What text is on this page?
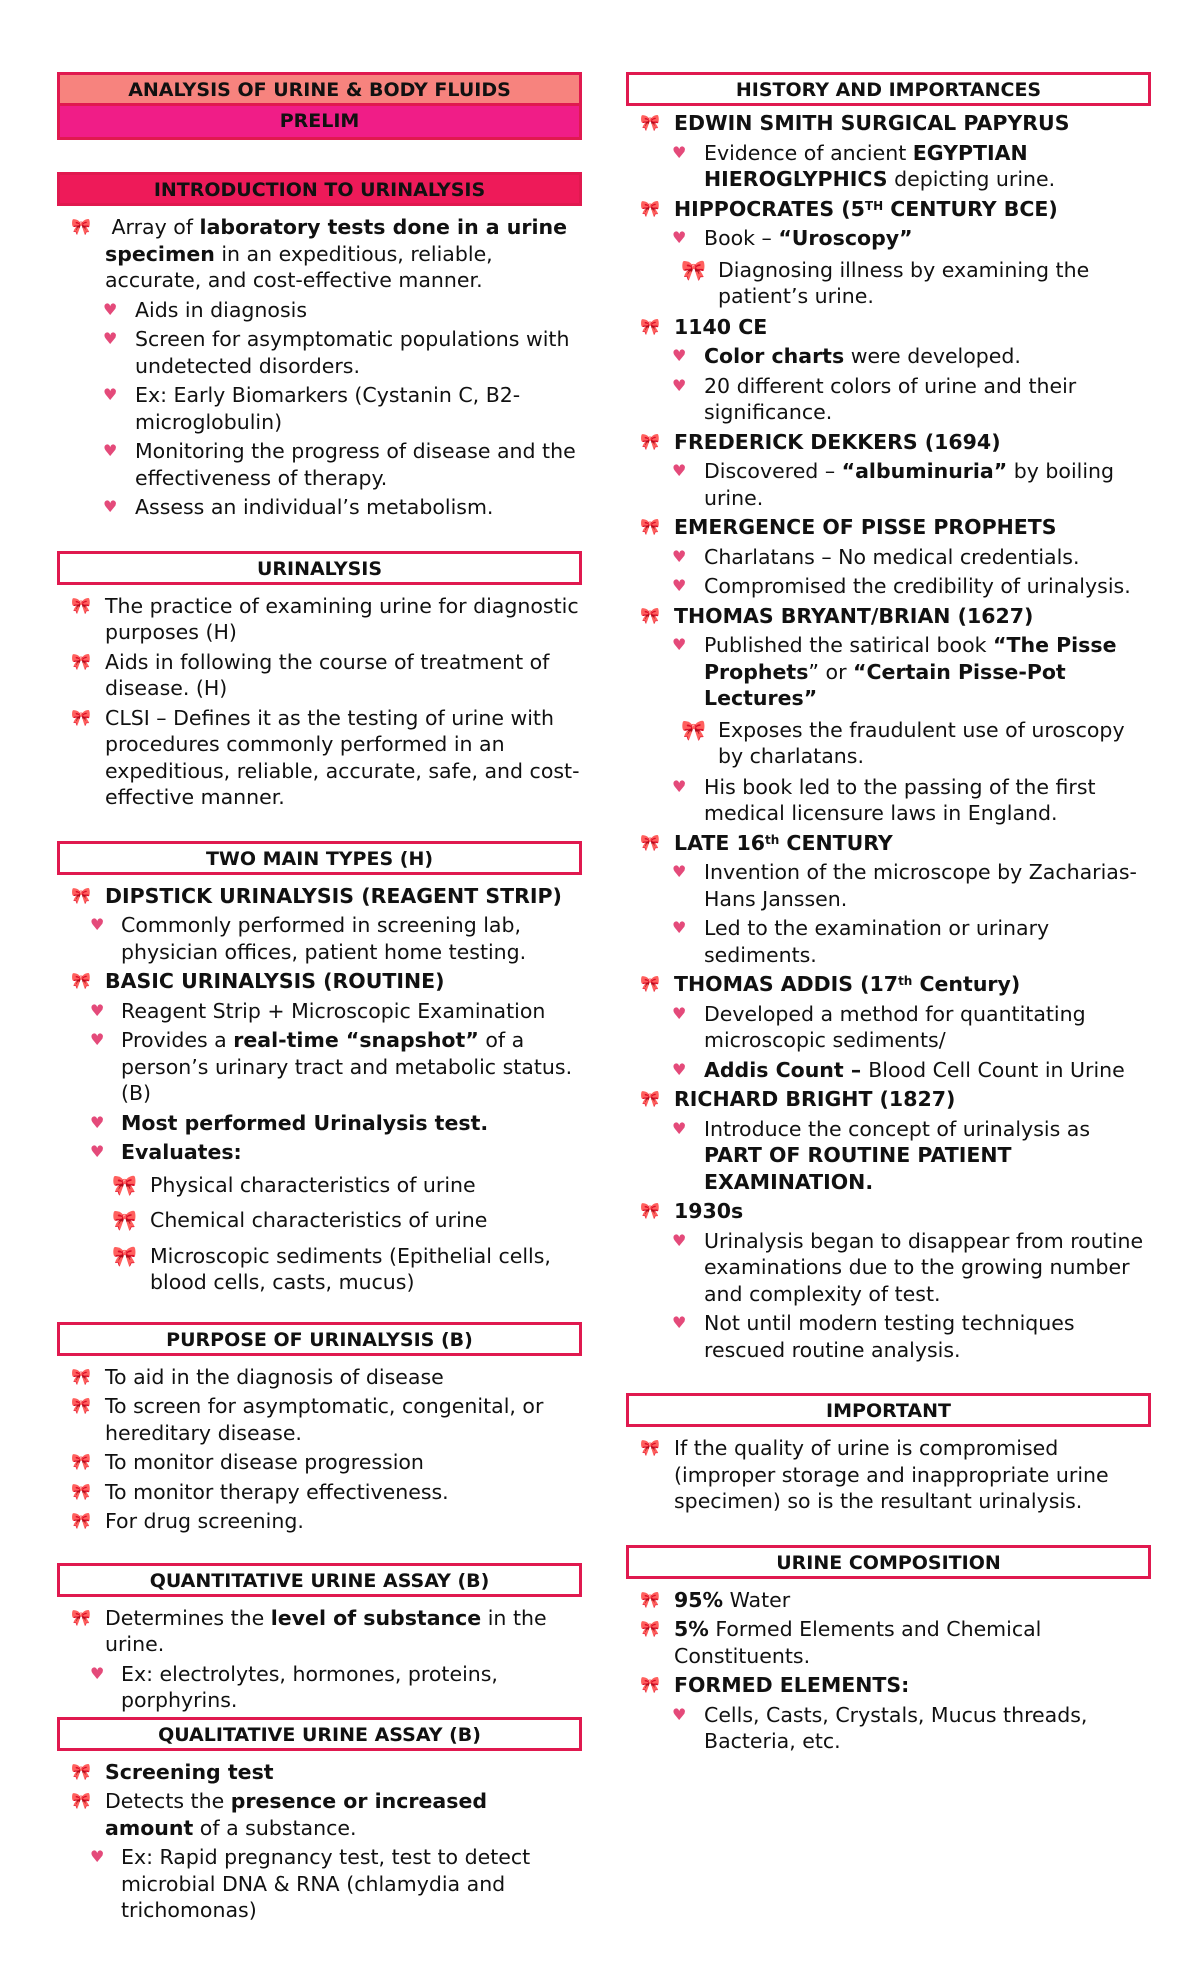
ANALYSIS OF URINE & BODY FLUIDS
PRELIM
INTRODUCTION TO URINALYSIS
🎀	Array of laboratory tests done in a urine specimen in an expeditious, reliable, accurate, and cost-effective manner.
♥ Aids in diagnosis
♥ Screen for asymptomatic populations with undetected disorders.
♥ Ex: Early Biomarkers (Cystanin C, B2-microglobulin)
♥ Monitoring the progress of disease and the effectiveness of therapy.
♥ Assess an individual’s metabolism.
URINALYSIS
🎀 The practice of examining urine for diagnostic purposes (H)
🎀 Aids in following the course of treatment of disease. (H)
🎀 CLSI – Defines it as the testing of urine with procedures commonly performed in an expeditious, reliable, accurate, safe, and cost-effective manner.
TWO MAIN TYPES (H)
🎀 DIPSTICK URINALYSIS (REAGENT STRIP)
♥ Commonly performed in screening lab, physician offices, patient home testing.
🎀 BASIC URINALYSIS (ROUTINE)
♥ Reagent Strip + Microscopic Examination
♥ Provides a real-time “snapshot” of a person’s urinary tract and metabolic status. (B)
♥ Most performed Urinalysis test.
♥ Evaluates:
🎀 Physical characteristics of urine
🎀 Chemical characteristics of urine
🎀 Microscopic sediments (Epithelial cells, blood cells, casts, mucus)
PURPOSE OF URINALYSIS (B)
🎀 To aid in the diagnosis of disease
🎀 To screen for asymptomatic, congenital, or hereditary disease.
🎀 To monitor disease progression
🎀 To monitor therapy effectiveness.
🎀 For drug screening.
QUANTITATIVE URINE ASSAY (B)
🎀 Determines the level of substance in the urine.
♥ Ex: electrolytes, hormones, proteins, porphyrins.
QUALITATIVE URINE ASSAY (B)
🎀 Screening test
🎀 Detects the presence or increased amount of a substance.
♥ Ex: Rapid pregnancy test, test to detect microbial DNA & RNA (chlamydia and trichomonas)
HISTORY AND IMPORTANCES
🎀 EDWIN SMITH SURGICAL PAPYRUS
♥ Evidence of ancient EGYPTIAN HIEROGLYPHICS depicting urine.
🎀 HIPPOCRATES (5TH CENTURY BCE)
♥ Book – “Uroscopy”
🎀 Diagnosing illness by examining the patient’s urine.
🎀 1140 CE
♥ Color charts were developed.
♥ 20 different colors of urine and their significance.
🎀 FREDERICK DEKKERS (1694)
♥ Discovered – “albuminuria” by boiling urine.
🎀 EMERGENCE OF PISSE PROPHETS
♥ Charlatans – No medical credentials.
♥ Compromised the credibility of urinalysis.
🎀 THOMAS BRYANT/BRIAN (1627)
♥ Published the satirical book “The Pisse Prophets” or “Certain Pisse-Pot Lectures”
🎀 Exposes the fraudulent use of uroscopy by charlatans.
♥ His book led to the passing of the first medical licensure laws in England.
🎀 LATE 16th CENTURY
♥ Invention of the microscope by Zacharias-Hans Janssen.
♥ Led to the examination or urinary sediments.
🎀 THOMAS ADDIS (17th Century)
♥ Developed a method for quantitating microscopic sediments/
♥ Addis Count – Blood Cell Count in Urine
🎀 RICHARD BRIGHT (1827)
♥ Introduce the concept of urinalysis as PART OF ROUTINE PATIENT EXAMINATION.
🎀 1930s
♥ Urinalysis began to disappear from routine examinations due to the growing number and complexity of test.
♥ Not until modern testing techniques rescued routine analysis.
IMPORTANT
🎀 If the quality of urine is compromised (improper storage and inappropriate urine specimen) so is the resultant urinalysis.
URINE COMPOSITION
🎀 95% Water
🎀 5% Formed Elements and Chemical Constituents.
🎀 FORMED ELEMENTS:
♥ Cells, Casts, Crystals, Mucus threads, Bacteria, etc.
